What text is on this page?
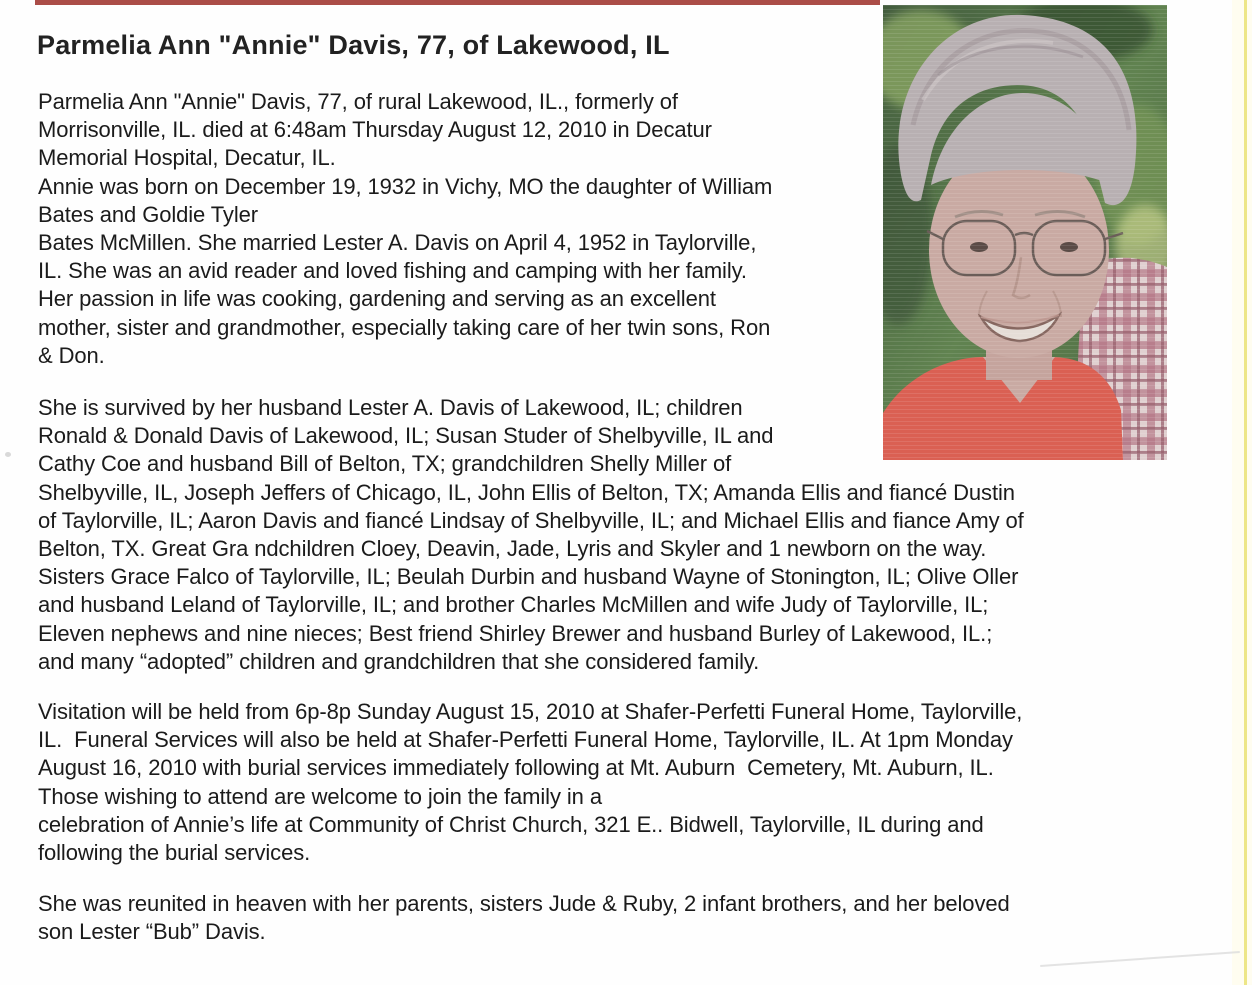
Parmelia Ann "Annie" Davis, 77, of Lakewood, IL
Parmelia Ann "Annie" Davis, 77, of rural Lakewood, IL., formerly of
Morrisonville, IL. died at 6:48am Thursday August 12, 2010 in Decatur
Memorial Hospital, Decatur, IL.
Annie was born on December 19, 1932 in Vichy, MO the daughter of William
Bates and Goldie Tyler
Bates McMillen. She married Lester A. Davis on April 4, 1952 in Taylorville,
IL. She was an avid reader and loved fishing and camping with her family.
Her passion in life was cooking, gardening and serving as an excellent
mother, sister and grandmother, especially taking care of her twin sons, Ron
& Don.
She is survived by her husband Lester A. Davis of Lakewood, IL; children
Ronald & Donald Davis of Lakewood, IL; Susan Studer of Shelbyville, IL and
Cathy Coe and husband Bill of Belton, TX; grandchildren Shelly Miller of
Shelbyville, IL, Joseph Jeffers of Chicago, IL, John Ellis of Belton, TX; Amanda Ellis and fiancé Dustin
of Taylorville, IL; Aaron Davis and fiancé Lindsay of Shelbyville, IL; and Michael Ellis and fiance Amy of
Belton, TX. Great Gra ndchildren Cloey, Deavin, Jade, Lyris and Skyler and 1 newborn on the way.
Sisters Grace Falco of Taylorville, IL; Beulah Durbin and husband Wayne of Stonington, IL; Olive Oller
and husband Leland of Taylorville, IL; and brother Charles McMillen and wife Judy of Taylorville, IL;
Eleven nephews and nine nieces; Best friend Shirley Brewer and husband Burley of Lakewood, IL.;
and many “adopted” children and grandchildren that she considered family.
Visitation will be held from 6p-8p Sunday August 15, 2010 at Shafer-Perfetti Funeral Home, Taylorville,
IL.  Funeral Services will also be held at Shafer-Perfetti Funeral Home, Taylorville, IL. At 1pm Monday
August 16, 2010 with burial services immediately following at Mt. Auburn  Cemetery, Mt. Auburn, IL.
Those wishing to attend are welcome to join the family in a
celebration of Annie’s life at Community of Christ Church, 321 E.. Bidwell, Taylorville, IL during and
following the burial services.
She was reunited in heaven with her parents, sisters Jude & Ruby, 2 infant brothers, and her beloved
son Lester “Bub” Davis.
